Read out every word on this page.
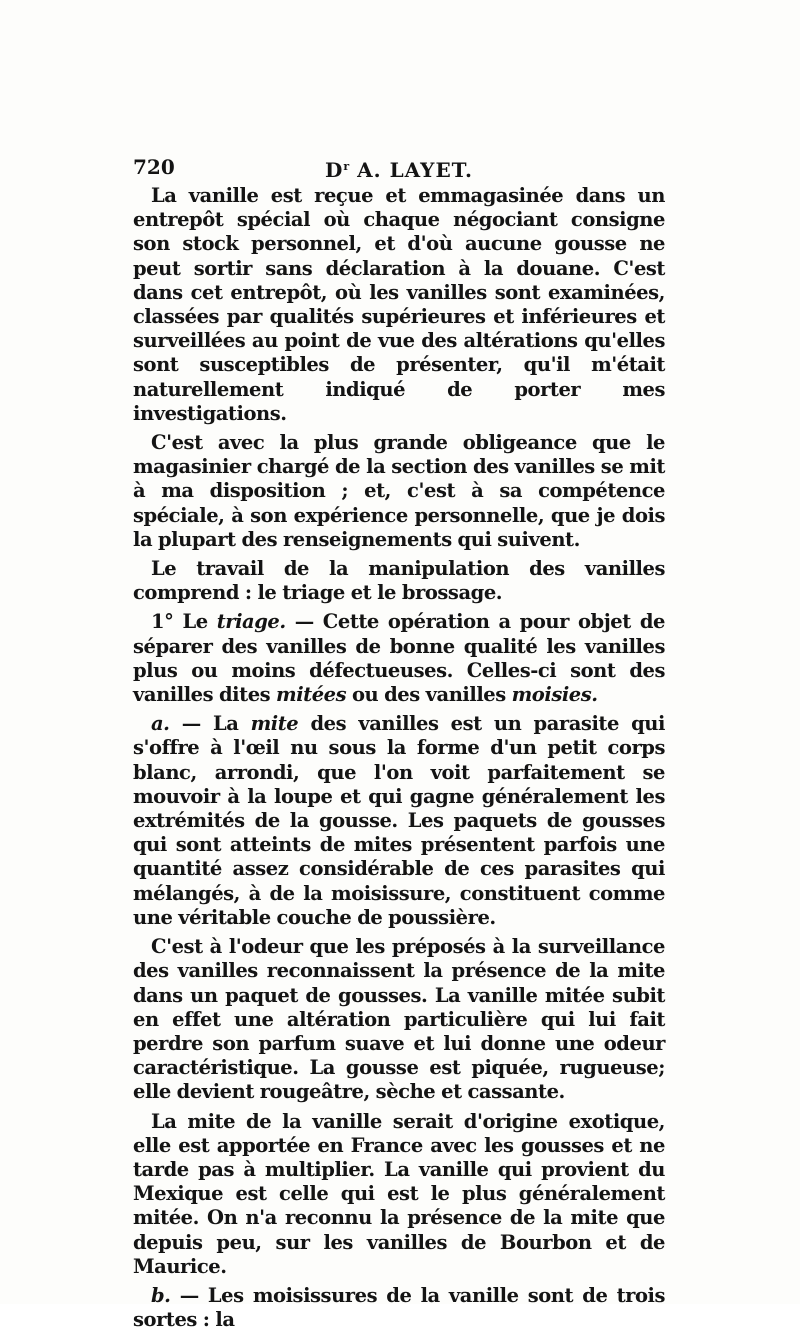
720	$D^r$ A. LAYET.

La vanille est reçue et emmagasinée dans un entrepôt spécial où chaque négociant consigne son stock personnel, et d'où aucune gousse ne peut sortir sans déclaration à la douane. C'est dans cet entrepôt, où les vanilles sont examinées, classées par qualités supérieures et inférieures et surveillées au point de vue des altérations qu'elles sont susceptibles de présenter, qu'il m'était naturellement indiqué de porter mes investigations.

C'est avec la plus grande obligeance que le magasinier chargé de la section des vanilles se mit à ma disposition ; et, c'est à sa compétence spéciale, à son expérience personnelle, que je dois la plupart des renseignements qui suivent.

Le travail de la manipulation des vanilles comprend : le triage et le brossage.

1° Le triage. — Cette opération a pour objet de séparer des vanilles de bonne qualité les vanilles plus ou moins défectueuses. Celles-ci sont des vanilles dites mitées ou des vanilles moisies.

a. — La mite des vanilles est un parasite qui s'offre à l'œil nu sous la forme d'un petit corps blanc, arrondi, que l'on voit parfaitement se mouvoir à la loupe et qui gagne généralement les extrémités de la gousse. Les paquets de gousses qui sont atteints de mites présentent parfois une quantité assez considérable de ces parasites qui mélangés, à de la moisissure, constituent comme une véritable couche de poussière.

C'est à l'odeur que les préposés à la surveillance des vanilles reconnaissent la présence de la mite dans un paquet de gousses. La vanille mitée subit en effet une altération particulière qui lui fait perdre son parfum suave et lui donne une odeur caractéristique. La gousse est piquée, rugueuse; elle devient rougeâtre, sèche et cassante.

La mite de la vanille serait d'origine exotique, elle est apportée en France avec les gousses et ne tarde pas à multiplier. La vanille qui provient du Mexique est celle qui est le plus généralement mitée. On n'a reconnu la présence de la mite que depuis peu, sur les vanilles de Bourbon et de Maurice.

b. — Les moisissures de la vanille sont de trois sortes : la
